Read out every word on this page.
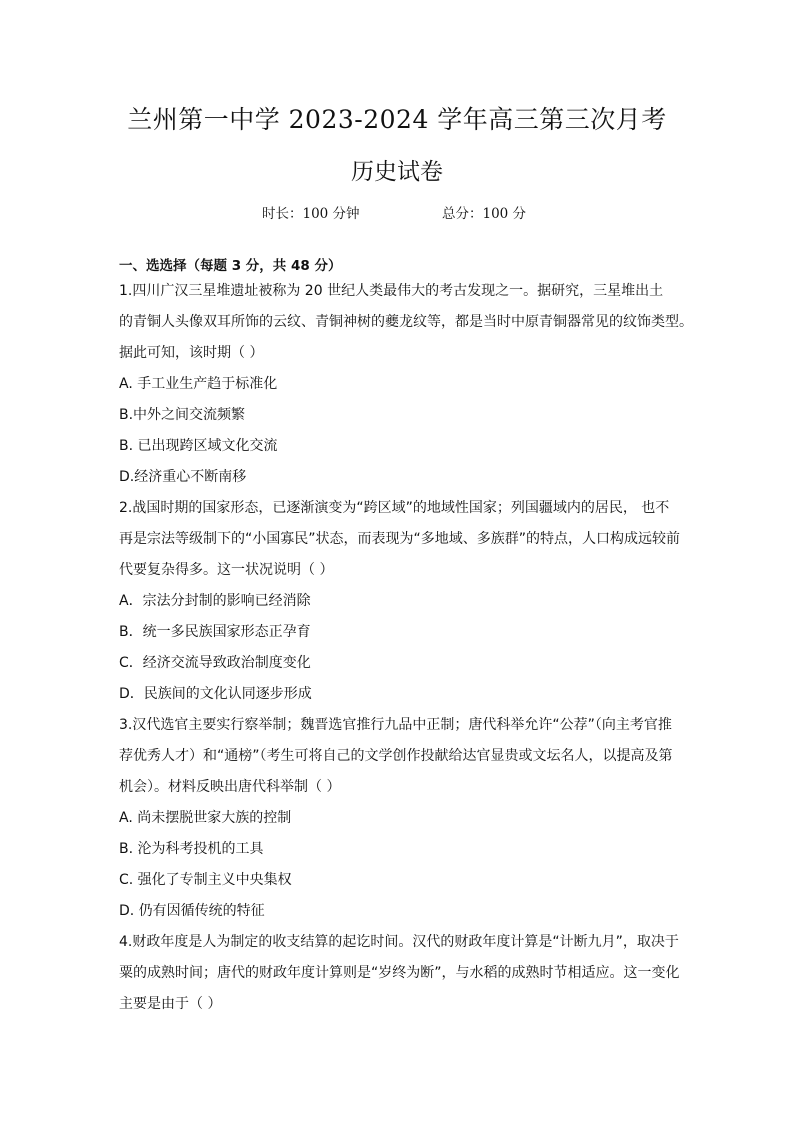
兰州第一中学 2023-2024 学年高三第三次月考
历史试卷
时长：100 分钟	总分：100 分
一、选选择（每题 3 分，共 48 分）
1.四川广汉三星堆遗址被称为 20 世纪人类最伟大的考古发现之一。据研究，三星堆出土
的青铜人头像双耳所饰的云纹、青铜神树的夔龙纹等，都是当时中原青铜器常见的纹饰类型。
据此可知，该时期（ ）
A. 手工业生产趋于标准化
B.中外之间交流频繁
B. 已出现跨区域文化交流
D.经济重心不断南移
2.战国时期的国家形态，已逐渐演变为“跨区域”的地域性国家；列国疆域内的居民， 也不
再是宗法等级制下的“小国寡民”状态，而表现为“多地域、多族群”的特点，人口构成远较前
代要复杂得多。这一状况说明（ ）
A．宗法分封制的影响已经消除
B．统一多民族国家形态正孕育
C．经济交流导致政治制度变化
D．民族间的文化认同逐步形成
3.汉代选官主要实行察举制；魏晋选官推行九品中正制；唐代科举允许“公荐”（向主考官推
荐优秀人才）和“通榜”（考生可将自己的文学创作投献给达官显贵或文坛名人，以提高及第
机会）。材料反映出唐代科举制（ ）
A. 尚未摆脱世家大族的控制
B. 沦为科考投机的工具
C. 强化了专制主义中央集权
D. 仍有因循传统的特征
4.财政年度是人为制定的收支结算的起讫时间。汉代的财政年度计算是“计断九月”，取决于
粟的成熟时间；唐代的财政年度计算则是“岁终为断”，与水稻的成熟时节相适应。这一变化
主要是由于（ ）
